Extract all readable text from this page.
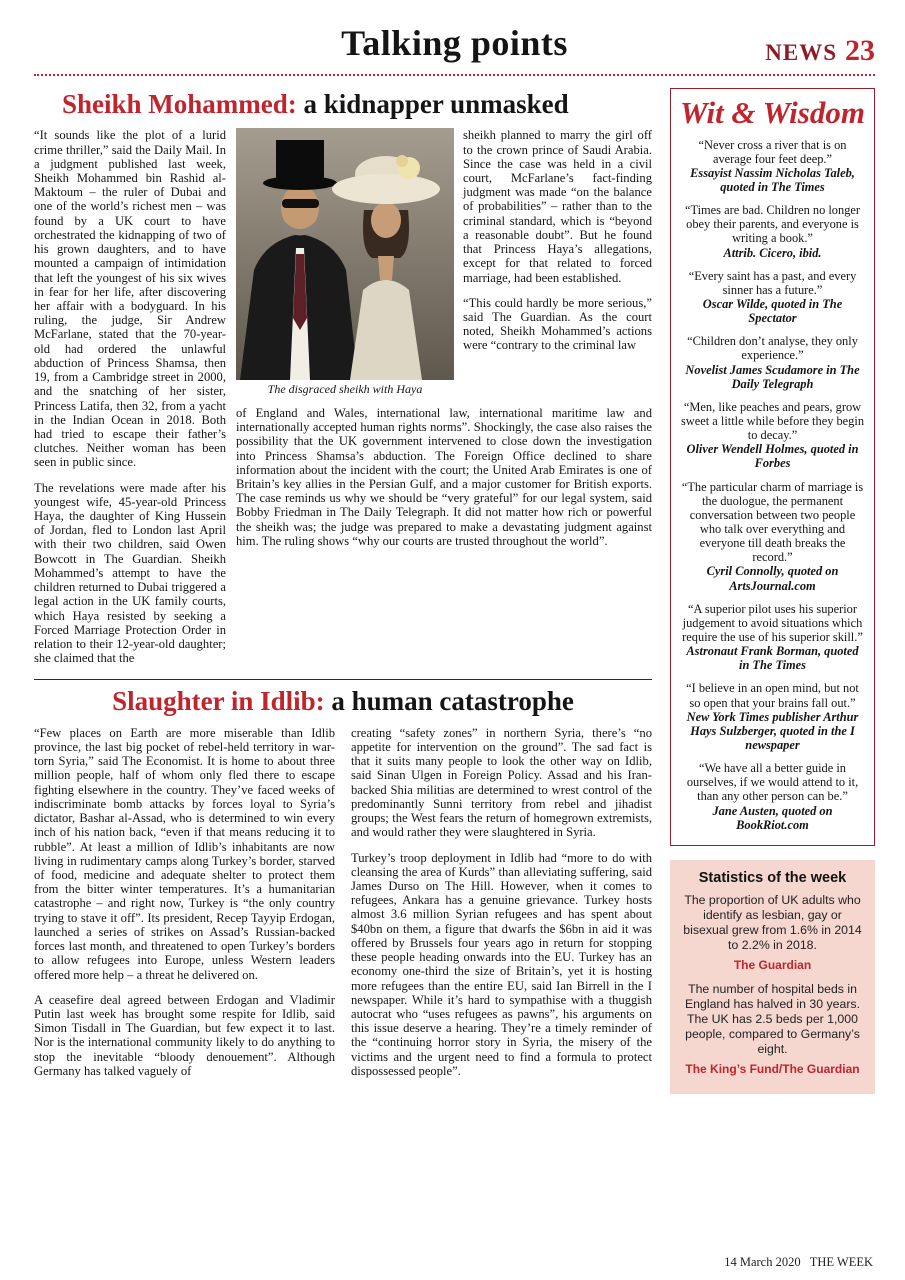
Talking points	NEWS 23
Sheikh Mohammed: a kidnapper unmasked

“It sounds like the plot of a lurid crime thriller,” said the Daily Mail. In a judgment published last week, Sheikh Mohammed bin Rashid al-Maktoum – the ruler of Dubai and one of the world’s richest men – was found by a UK court to have orchestrated the kidnapping of two of his grown daughters, and to have mounted a campaign of intimidation that left the youngest of his six wives in fear for her life, after discovering her affair with a bodyguard. In his ruling, the judge, Sir Andrew McFarlane, stated that the 70-year-old had ordered the unlawful abduction of Princess Shamsa, then 19, from a Cambridge street in 2000, and the snatching of her sister, Princess Latifa, then 32, from a yacht in the Indian Ocean in 2018. Both had tried to escape their father’s clutches. Neither woman has been seen in public since.

The revelations were made after his youngest wife, 45-year-old Princess Haya, the daughter of King Hussein of Jordan, fled to London last April with their two children, said Owen Bowcott in The Guardian. Sheikh Mohammed’s attempt to have the children returned to Dubai triggered a legal action in the UK family courts, which Haya resisted by seeking a Forced Marriage Protection Order in relation to their 12-year-old daughter; she claimed that the

The disgraced sheikh with Haya

sheikh planned to marry the girl off to the crown prince of Saudi Arabia. Since the case was held in a civil court, McFarlane’s fact-finding judgment was made “on the balance of probabilities” – rather than to the criminal standard, which is “beyond a reasonable doubt”. But he found that Princess Haya’s allegations, except for that related to forced marriage, had been established.

“This could hardly be more serious,” said The Guardian. As the court noted, Sheikh Mohammed’s actions were “contrary to the criminal law

of England and Wales, international law, international maritime law and internationally accepted human rights norms”. Shockingly, the case also raises the possibility that the UK government intervened to close down the investigation into Princess Shamsa’s abduction. The Foreign Office declined to share information about the incident with the court; the United Arab Emirates is one of Britain’s key allies in the Persian Gulf, and a major customer for British exports. The case reminds us why we should be “very grateful” for our legal system, said Bobby Friedman in The Daily Telegraph. It did not matter how rich or powerful the sheikh was; the judge was prepared to make a devastating judgment against him. The ruling shows “why our courts are trusted throughout the world”.

Slaughter in Idlib: a human catastrophe

“Few places on Earth are more miserable than Idlib province, the last big pocket of rebel-held territory in war-torn Syria,” said The Economist. It is home to about three million people, half of whom only fled there to escape fighting elsewhere in the country. They’ve faced weeks of indiscriminate bomb attacks by forces loyal to Syria’s dictator, Bashar al-Assad, who is determined to win every inch of his nation back, “even if that means reducing it to rubble”. At least a million of Idlib’s inhabitants are now living in rudimentary camps along Turkey’s border, starved of food, medicine and adequate shelter to protect them from the bitter winter temperatures. It’s a humanitarian catastrophe – and right now, Turkey is “the only country trying to stave it off”. Its president, Recep Tayyip Erdogan, launched a series of strikes on Assad’s Russian-backed forces last month, and threatened to open Turkey’s borders to allow refugees into Europe, unless Western leaders offered more help – a threat he delivered on.

A ceasefire deal agreed between Erdogan and Vladimir Putin last week has brought some respite for Idlib, said Simon Tisdall in The Guardian, but few expect it to last. Nor is the international community likely to do anything to stop the inevitable “bloody denouement”. Although Germany has talked vaguely of

creating “safety zones” in northern Syria, there’s “no appetite for intervention on the ground”. The sad fact is that it suits many people to look the other way on Idlib, said Sinan Ulgen in Foreign Policy. Assad and his Iran-backed Shia militias are determined to wrest control of the predominantly Sunni territory from rebel and jihadist groups; the West fears the return of homegrown extremists, and would rather they were slaughtered in Syria.

Turkey’s troop deployment in Idlib had “more to do with cleansing the area of Kurds” than alleviating suffering, said James Durso on The Hill. However, when it comes to refugees, Ankara has a genuine grievance. Turkey hosts almost 3.6 million Syrian refugees and has spent about $40bn on them, a figure that dwarfs the $6bn in aid it was offered by Brussels four years ago in return for stopping these people heading onwards into the EU. Turkey has an economy one-third the size of Britain’s, yet it is hosting more refugees than the entire EU, said Ian Birrell in the I newspaper. While it’s hard to sympathise with a thuggish autocrat who “uses refugees as pawns”, his arguments on this issue deserve a hearing. They’re a timely reminder of the “continuing horror story in Syria, the misery of the victims and the urgent need to find a formula to protect dispossessed people”.

Wit & Wisdom
“Never cross a river that is on average four feet deep.”
Essayist Nassim Nicholas Taleb, quoted in The Times
“Times are bad. Children no longer obey their parents, and everyone is writing a book.”
Attrib. Cicero, ibid.
“Every saint has a past, and every sinner has a future.”
Oscar Wilde, quoted in The Spectator
“Children don’t analyse, they only experience.”
Novelist James Scudamore in The Daily Telegraph
“Men, like peaches and pears, grow sweet a little while before they begin to decay.”
Oliver Wendell Holmes, quoted in Forbes
“The particular charm of marriage is the duologue, the permanent conversation between two people who talk over everything and everyone till death breaks the record.”
Cyril Connolly, quoted on ArtsJournal.com
“A superior pilot uses his superior judgement to avoid situations which require the use of his superior skill.”
Astronaut Frank Borman, quoted in The Times
“I believe in an open mind, but not so open that your brains fall out.”
New York Times publisher Arthur Hays Sulzberger, quoted in the I newspaper
“We have all a better guide in ourselves, if we would attend to it, than any other person can be.”
Jane Austen, quoted on BookRiot.com
Statistics of the week
The proportion of UK adults who identify as lesbian, gay or bisexual grew from 1.6% in 2014 to 2.2% in 2018.
The Guardian
The number of hospital beds in England has halved in 30 years. The UK has 2.5 beds per 1,000 people, compared to Germany’s eight.
The King’s Fund/The Guardian
14 March 2020 THE WEEK
